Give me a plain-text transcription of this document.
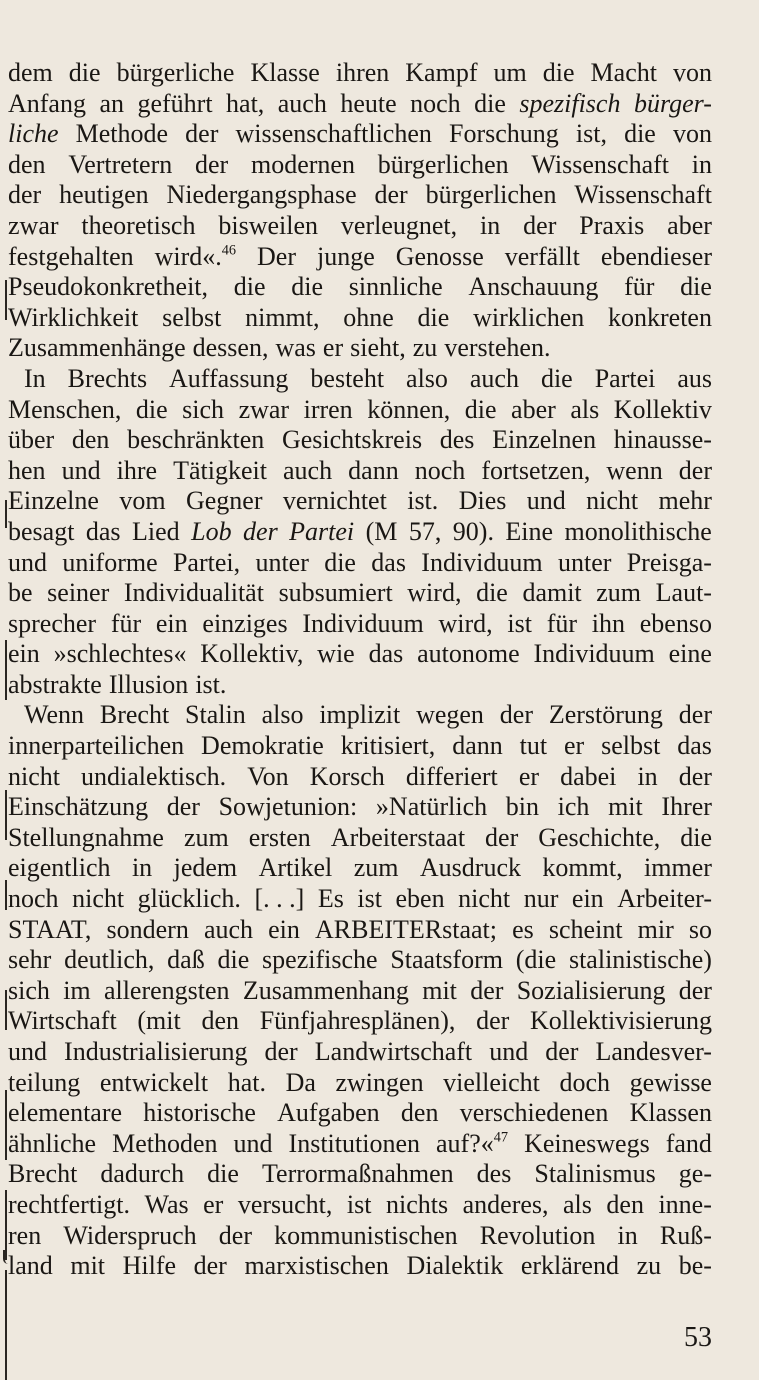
dem die bürgerliche Klasse ihren Kampf um die Macht von
Anfang an geführt hat, auch heute noch die spezifisch bürger-
liche Methode der wissenschaftlichen Forschung ist, die von
den Vertretern der modernen bürgerlichen Wissenschaft in
der heutigen Niedergangsphase der bürgerlichen Wissenschaft
zwar theoretisch bisweilen verleugnet, in der Praxis aber
festgehalten wird«.$^{46}$ Der junge Genosse verfällt ebendieser
Pseudokonkretheit, die die sinnliche Anschauung für die
Wirklichkeit selbst nimmt, ohne die wirklichen konkreten
Zusammenhänge dessen, was er sieht, zu verstehen.
In Brechts Auffassung besteht also auch die Partei aus
Menschen, die sich zwar irren können, die aber als Kollektiv
über den beschränkten Gesichtskreis des Einzelnen hinausse-
hen und ihre Tätigkeit auch dann noch fortsetzen, wenn der
Einzelne vom Gegner vernichtet ist. Dies und nicht mehr
besagt das Lied Lob der Partei (M 57, 90). Eine monolithische
und uniforme Partei, unter die das Individuum unter Preisga-
be seiner Individualität subsumiert wird, die damit zum Laut-
sprecher für ein einziges Individuum wird, ist für ihn ebenso
ein »schlechtes« Kollektiv, wie das autonome Individuum eine
abstrakte Illusion ist.
Wenn Brecht Stalin also implizit wegen der Zerstörung der
innerparteilichen Demokratie kritisiert, dann tut er selbst das
nicht undialektisch. Von Korsch differiert er dabei in der
Einschätzung der Sowjetunion: »Natürlich bin ich mit Ihrer
Stellungnahme zum ersten Arbeiterstaat der Geschichte, die
eigentlich in jedem Artikel zum Ausdruck kommt, immer
noch nicht glücklich. [. . .] Es ist eben nicht nur ein Arbeiter-
STAAT, sondern auch ein ARBEITERstaat; es scheint mir so
sehr deutlich, daß die spezifische Staatsform (die stalinistische)
sich im allerengsten Zusammenhang mit der Sozialisierung der
Wirtschaft (mit den Fünfjahresplänen), der Kollektivisierung
und Industrialisierung der Landwirtschaft und der Landesver-
teilung entwickelt hat. Da zwingen vielleicht doch gewisse
elementare historische Aufgaben den verschiedenen Klassen
ähnliche Methoden und Institutionen auf?«$^{47}$ Keineswegs fand
Brecht dadurch die Terrormaßnahmen des Stalinismus ge-
rechtfertigt. Was er versucht, ist nichts anderes, als den inne-
ren Widerspruch der kommunistischen Revolution in Ruß-
land mit Hilfe der marxistischen Dialektik erklärend zu be-
53
